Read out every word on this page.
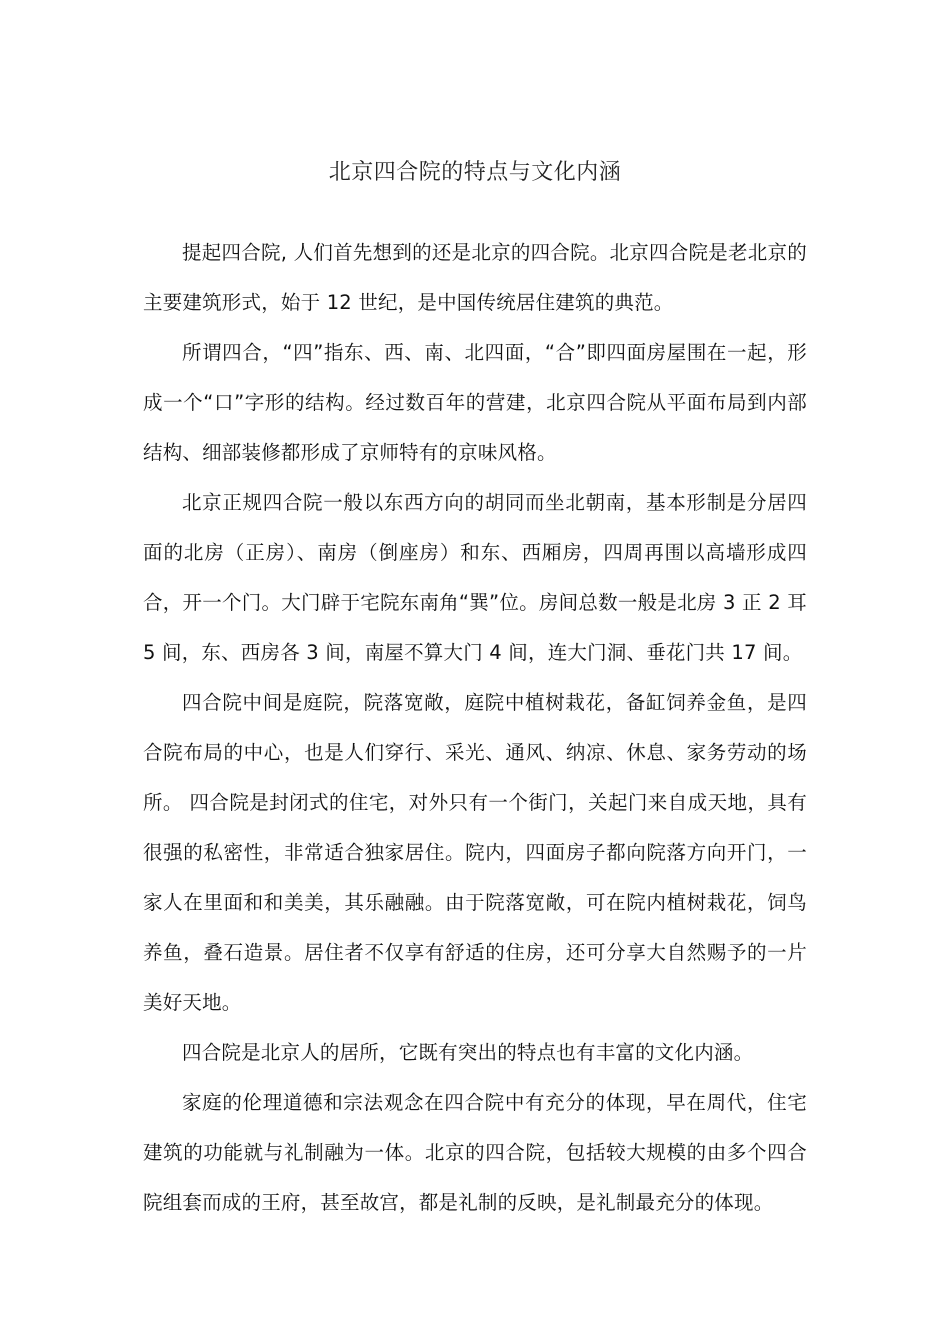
北京四合院的特点与文化内涵

提起四合院, 人们首先想到的还是北京的四合院。北京四合院是老北京的主要建筑形式，始于 12 世纪，是中国传统居住建筑的典范。

所谓四合，“四”指东、西、南、北四面，“合”即四面房屋围在一起，形成一个“口”字形的结构。经过数百年的营建，北京四合院从平面布局到内部结构、细部装修都形成了京师特有的京味风格。

北京正规四合院一般以东西方向的胡同而坐北朝南，基本形制是分居四面的北房（正房）、南房（倒座房）和东、西厢房，四周再围以高墙形成四合，开一个门。大门辟于宅院东南角“巽”位。房间总数一般是北房 3 正 2 耳 5 间，东、西房各 3 间，南屋不算大门 4 间，连大门洞、垂花门共 17 间。

四合院中间是庭院，院落宽敞，庭院中植树栽花，备缸饲养金鱼，是四合院布局的中心，也是人们穿行、采光、通风、纳凉、休息、家务劳动的场所。 四合院是封闭式的住宅，对外只有一个街门，关起门来自成天地，具有很强的私密性，非常适合独家居住。院内，四面房子都向院落方向开门，一家人在里面和和美美，其乐融融。由于院落宽敞，可在院内植树栽花，饲鸟养鱼，叠石造景。居住者不仅享有舒适的住房，还可分享大自然赐予的一片美好天地。

四合院是北京人的居所，它既有突出的特点也有丰富的文化内涵。

家庭的伦理道德和宗法观念在四合院中有充分的体现，早在周代，住宅建筑的功能就与礼制融为一体。北京的四合院，包括较大规模的由多个四合院组套而成的王府，甚至故宫，都是礼制的反映，是礼制最充分的体现。
